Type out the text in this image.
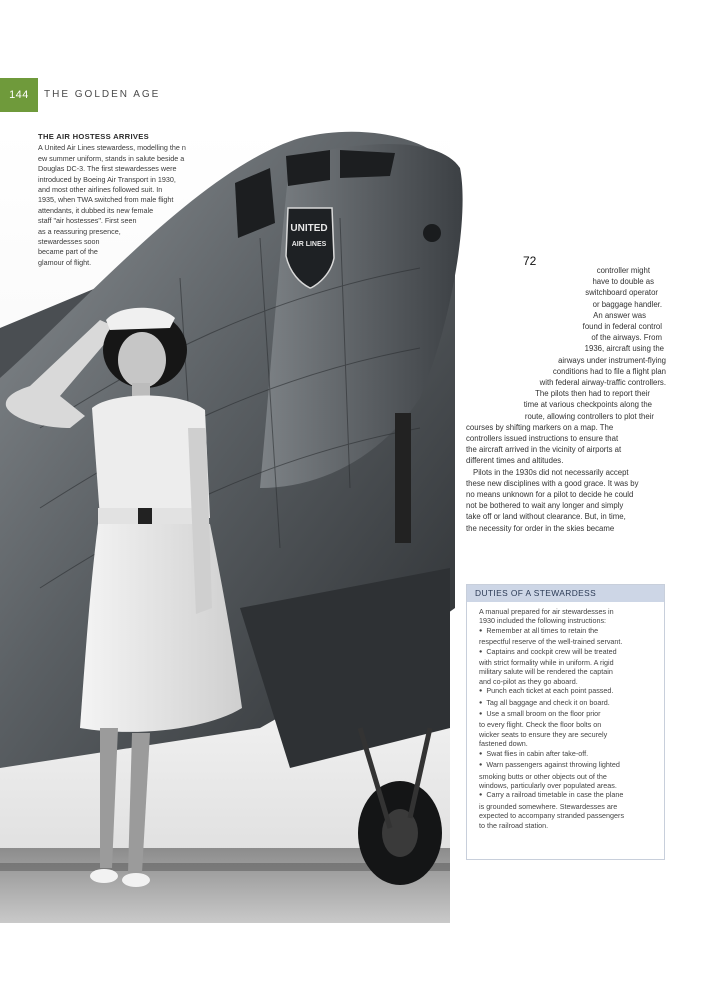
144	THE GOLDEN AGE
UNITED
AIR LINES
72
THE AIR HOSTESS ARRIVES
A United Air Lines stewardess, modelling the n
ew summer uniform, stands in salute beside a
Douglas DC-3. The first stewardesses were
introduced by Boeing Air Transport in 1930,
and most other airlines followed suit. In
1935, when TWA switched from male flight
attendants, it dubbed its new female
staff "air hostesses". First seen
as a reassuring presence,
stewardesses soon
became part of the
glamour of flight.
controller might
have to double as
switchboard operator
or baggage handler.
An answer was
found in federal control
of the airways. From
1936, aircraft using the
airways under instrument-flying
conditions had to file a flight plan
with federal airway-traffic controllers.
The pilots then had to report their
time at various checkpoints along the
route, allowing controllers to plot their
courses by shifting markers on a map. The
controllers issued instructions to ensure that
the aircraft arrived in the vicinity of airports at
different times and altitudes.
Pilots in the 1930s did not necessarily accept
these new disciplines with a good grace. It was by
no means unknown for a pilot to decide he could
not be bothered to wait any longer and simply
take off or land without clearance. But, in time,
the necessity for order in the skies became
DUTIES OF A STEWARDESS
A manual prepared for air stewardesses in
1930 included the following instructions:
● Remember at all times to retain the
respectful reserve of the well-trained servant.
● Captains and cockpit crew will be treated
with strict formality while in uniform. A rigid
military salute will be rendered the captain
and co-pilot as they go aboard.
● Punch each ticket at each point passed.
● Tag all baggage and check it on board.
● Use a small broom on the floor prior
to every flight. Check the floor bolts on
wicker seats to ensure they are securely
fastened down.
● Swat flies in cabin after take-off.
● Warn passengers against throwing lighted
smoking butts or other objects out of the
windows, particularly over populated areas.
● Carry a railroad timetable in case the plane
is grounded somewhere. Stewardesses are
expected to accompany stranded passengers
to the railroad station.
